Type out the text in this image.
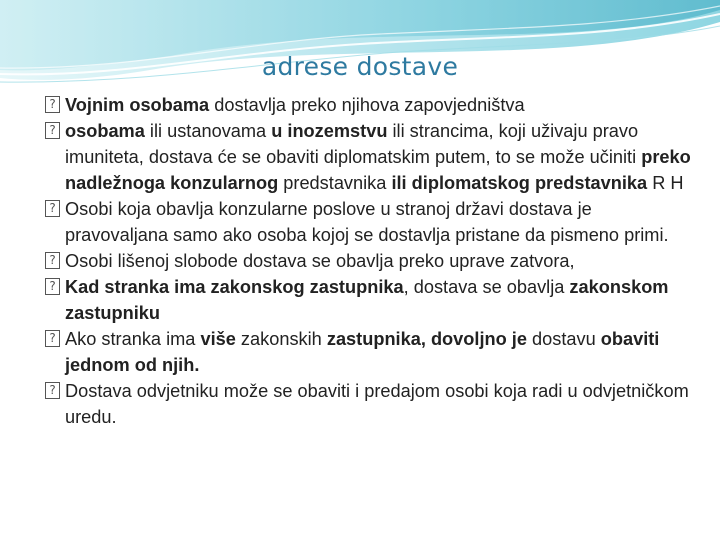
adrese dostave
? Vojnim osobama dostavlja preko njihova zapovjedništva
? osobama ili ustanovama u inozemstvu ili strancima, koji uživaju pravo imuniteta, dostava će se obaviti diplomatskim putem, to se može učiniti preko nadležnoga konzularnog predstavnika ili diplomatskog predstavnika R H
? Osobi koja obavlja konzularne poslove u stranoj državi dostava je pravovaljana samo ako osoba kojoj se dostavlja pristane da pismeno primi.
? Osobi lišenoj slobode dostava se obavlja preko uprave zatvora,
? Kad stranka ima zakonskog zastupnika, dostava se obavlja zakonskom zastupniku
? Ako stranka ima više zakonskih zastupnika, dovoljno je dostavu obaviti jednom od njih.
? Dostava odvjetniku može se obaviti i predajom osobi koja radi u odvjetničkom uredu.
